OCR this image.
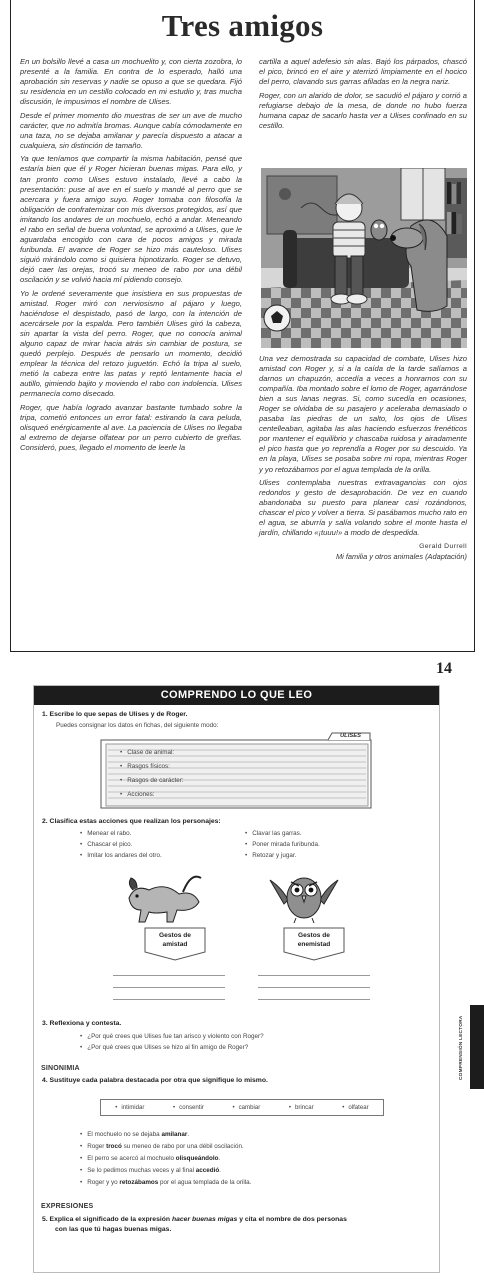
Tres amigos

En un bolsillo llevé a casa un mochuelito y, con cierta zozobra, lo presenté a la familia. En contra de lo esperado, halló una aprobación sin reservas y nadie se opuso a que se quedara. Fijó su residencia en un cestillo colocado en mi estudio y, tras mucha discusión, le impusimos el nombre de Ulises.

Desde el primer momento dio muestras de ser un ave de mucho carácter, que no admitía bromas. Aunque cabía cómodamente en una taza, no se dejaba amilanar y parecía dispuesto a atacar a cualquiera, sin distinción de tamaño.

Ya que teníamos que compartir la misma habitación, pensé que estaría bien que él y Roger hicieran buenas migas. Para ello, y tan pronto como Ulises estuvo instalado, llevé a cabo la presentación: puse al ave en el suelo y mandé al perro que se acercara y fuera amigo suyo. Roger tomaba con filosofía la obligación de confraternizar con mis diversos protegidos, así que imitando los andares de un mochuelo, echó a andar. Meneando el rabo en señal de buena voluntad, se aproximó a Ulises, que le aguardaba encogido con cara de pocos amigos y mirada furibunda. El avance de Roger se hizo más cauteloso. Ulises siguió mirándolo como si quisiera hipnotizarlo. Roger se detuvo, dejó caer las orejas, trocó su meneo de rabo por una débil oscilación y se volvió hacia mí pidiendo consejo.

Yo le ordené severamente que insistiera en sus propuestas de amistad. Roger miró con nerviosismo al pájaro y luego, haciéndose el despistado, pasó de largo, con la intención de acercársele por la espalda. Pero también Ulises giró la cabeza, sin apartar la vista del perro. Roger, que no conocía animal alguno capaz de mirar hacia atrás sin cambiar de postura, se quedó perplejo. Después de pensarlo un momento, decidió emplear la técnica del retozo juguetón. Echó la tripa al suelo, metió la cabeza entre las patas y reptó lentamente hacia el autillo, gimiendo bajito y moviendo el rabo con indolencia. Ulises permanecía como disecado.

Roger, que había logrado avanzar bastante tumbado sobre la tripa, cometió entonces un error fatal: estirando la cara peluda, olisqueó enérgicamente al ave. La paciencia de Ulises no llegaba al extremo de dejarse olfatear por un perro cubierto de greñas. Consideró, pues, llegado el momento de leerle la

cartilla a aquel adefesio sin alas. Bajó los párpados, chascó el pico, brincó en el aire y aterrizó limpiamente en el hocico del perro, clavando sus garras afiladas en la negra nariz.

Roger, con un alarido de dolor, se sacudió el pájaro y corrió a refugiarse debajo de la mesa, de donde no hubo fuerza humana capaz de sacarlo hasta ver a Ulises confinado en su cestillo.

Una vez demostrada su capacidad de combate, Ulises hizo amistad con Roger y, si a la caída de la tarde salíamos a darnos un chapuzón, accedía a veces a honrarnos con su compañía. Iba montado sobre el lomo de Roger, agarrándose bien a sus lanas negras. Si, como sucedía en ocasiones, Roger se olvidaba de su pasajero y aceleraba demasiado o pasaba las piedras de un salto, los ojos de Ulises centelleaban, agitaba las alas haciendo esfuerzos frenéticos por mantener el equilibrio y chascaba ruidosa y airadamente el pico hasta que yo reprendía a Roger por su descuido. Ya en la playa, Ulises se posaba sobre mi ropa, mientras Roger y yo retozábamos por el agua templada de la orilla.

Ulises contemplaba nuestras extravagancias con ojos redondos y gesto de desaprobación. De vez en cuando abandonaba su puesto para planear casi rozándonos, chascar el pico y volver a tierra. Si pasábamos mucho rato en el agua, se aburría y salía volando sobre el monte hasta el jardín, chillando «¡tuuu!» a modo de despedida.

Gerald Durrell
Mi familia y otros animales (Adaptación)
14
COMPRENDO LO QUE LEO
1. Escribe lo que sepas de Ulises y de Roger.
Puedes consignar los datos en fichas, del siguiente modo:
ULISES
• Clase de animal:
• Rasgos físicos:
• Rasgos de carácter:
• Acciones:
2. Clasifica estas acciones que realizan los personajes:
• Menear el rabo.
• Chascar el pico.
• Imitar los andares del otro.
• Clavar las garras.
• Poner mirada furibunda.
• Retozar y jugar.
Gestos de
amistad
Gestos de
enemistad
3. Reflexiona y contesta.
• ¿Por qué crees que Ulises fue tan arisco y violento con Roger?
• ¿Por qué crees que Ulises se hizo al fin amigo de Roger?
SINONIMIA
4. Sustituye cada palabra destacada por otra que signifique lo mismo.
• intimidar	• consentir	• cambiar	• brincar	• olfatear
• El mochuelo no se dejaba amilanar.
• Roger trocó su meneo de rabo por una débil oscilación.
• El perro se acercó al mochuelo olisqueándolo.
• Se lo pedimos muchas veces y al final accedió.
• Roger y yo retozábamos por el agua templada de la orilla.
EXPRESIONES
5. Explica el significado de la expresión hacer buenas migas y cita el nombre de dos personas
con las que tú hagas buenas migas.
COMPRENSIÓN LECTORA
